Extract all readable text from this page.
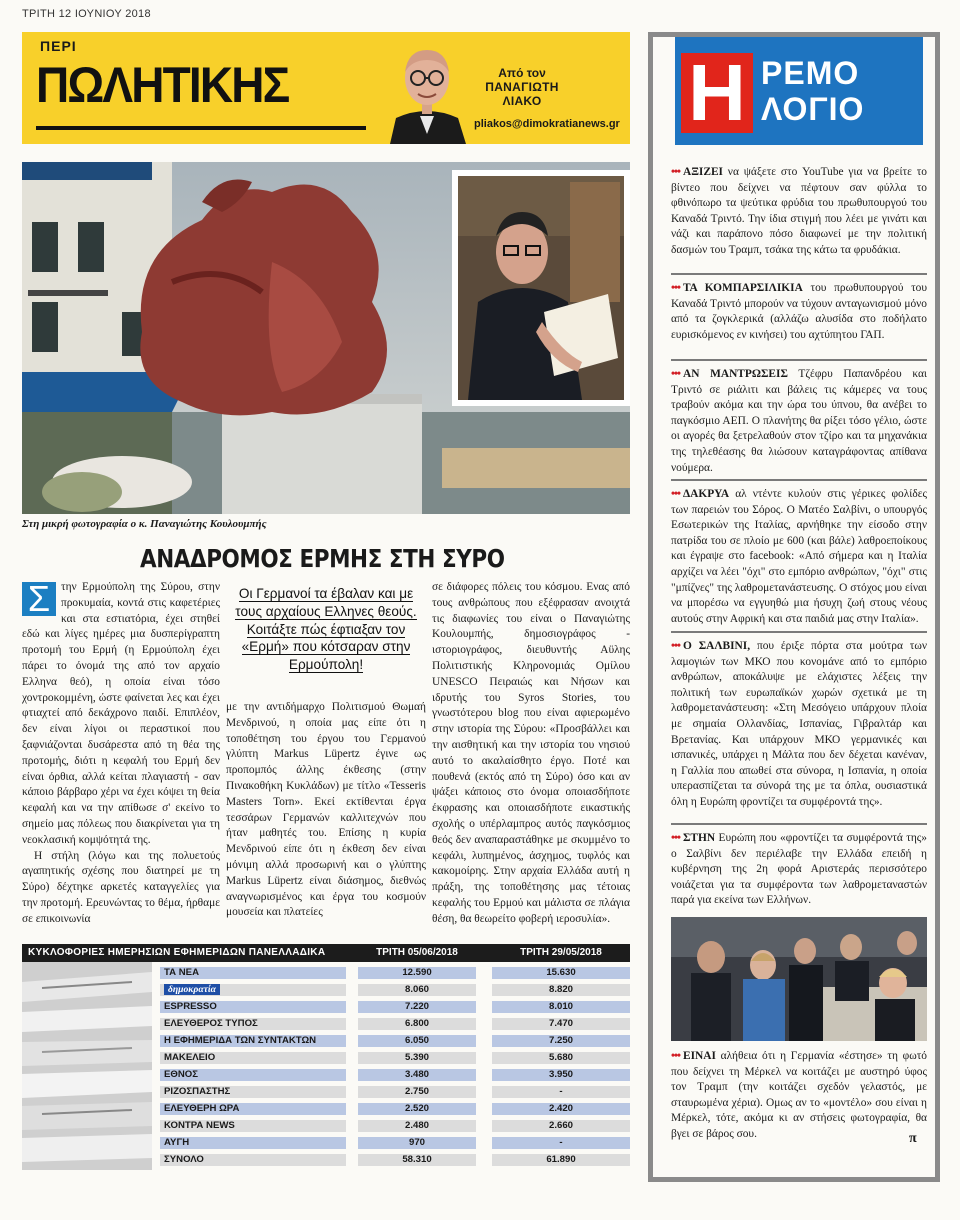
ΤΡΙΤΗ 12 ΙΟΥΝΙΟΥ 2018
ΠΕΡΙ
ΠΩΛΗΤΙΚΗΣ	Από τον
ΠΑΝΑΓΙΩΤΗ
ΛΙΑΚΟ
pliakos@dimokratianews.gr
Στη μικρή φωτογραφία ο κ. Παναγιώτης Κουλουμπής
ΑΝΑΔΡΟΜΟΣ ΕΡΜΗΣ ΣΤΗ ΣΥΡΟ

Σ την Ερμούπολη της Σύρου, στην προκυμαία, κοντά στις καφετέριες και στα εστιατόρια, έχει στηθεί εδώ και λίγες ημέρες μια δυσπερίγραπτη προτομή του Ερμή (η Ερμούπολη έχει πάρει το όνομά της από τον αρχαίο Ελληνα θεό), η οποία είναι τόσο χοντροκομμένη, ώστε φαίνεται λες και έχει φτιαχτεί από δεκάχρονο παιδί. Επιπλέον, δεν είναι λίγοι οι περαστικοί που ξαφνιάζονται δυσάρεστα από τη θέα της προτομής, διότι η κεφαλή του Ερμή δεν είναι όρθια, αλλά κείται πλαγιαστή - σαν κάποιο βάρβαρο χέρι να έχει κόψει τη θεία κεφαλή και να την απίθωσε σ' εκείνο το σημείο μας πόλεως που διακρίνεται για τη νεοκλασική κομψότητά της.

Η στήλη (λόγω και της πολυετούς αγαπητικής σχέσης που διατηρεί με τη Σύρο) δέχτηκε αρκετές καταγγελίες για την προτομή. Ερευνώντας το θέμα, ήρθαμε σε επικοινωνία

Οι Γερμανοί τα έβαλαν και με τους αρχαίους Ελληνες θεούς. Κοιτάξτε πώς έφτιαξαν τον «Ερμή» που κότσαραν στην Ερμούπολη!

με την αντιδήμαρχο Πολιτισμού Θωμαή Μενδρινού, η οποία μας είπε ότι η τοποθέτηση του έργου του Γερμανού γλύπτη Markus Lüpertz έγινε ως προπομπός άλλης έκθεσης (στην Πινακοθήκη Κυκλάδων) με τίτλο «Tesseris Masters Torn». Εκεί εκτίθενται έργα τεσσάρων Γερμανών καλλιτεχνών που ήταν μαθητές του. Επίσης η κυρία Μενδρινού είπε ότι η έκθεση δεν είναι μόνιμη αλλά προσωρινή και ο γλύπτης Markus Lüpertz είναι διάσημος, διεθνώς αναγνωρισμένος και έργα του κοσμούν μουσεία και πλατείες

σε διάφορες πόλεις του κόσμου. Ενας από τους ανθρώπους που εξέφρασαν ανοιχτά τις διαφωνίες του είναι ο Παναγιώτης Κουλουμπής, δημοσιογράφος - ιστοριογράφος, διευθυντής Αϋλης Πολιτιστικής Κληρονομιάς Ομίλου UNESCO Πειραιώς και Νήσων και ιδρυτής του Syros Stories, του γνωστότερου blog που είναι αφιερωμένο στην ιστορία της Σύρου: «Προσβάλλει και την αισθητική και την ιστορία του νησιού αυτό το ακαλαίσθητο έργο. Ποτέ και πουθενά (εκτός από τη Σύρο) όσο και αν ψάξει κάποιος στο όνομα οποιασδήποτε έκφρασης και οποιασδήποτε εικαστικής σχολής ο υπέρλαμπρος αυτός παγκόσμιος θεός δεν αναπαραστάθηκε με σκυμμένο το κεφάλι, λυπημένος, άσχημος, τυφλός και κακομοίρης. Στην αρχαία Ελλάδα αυτή η πράξη, της τοποθέτησης μας τέτοιας κεφαλής του Ερμού και μάλιστα σε πλάγια θέση, θα θεωρείτο φοβερή ιεροσυλία».

ΚΥΚΛΟΦΟΡΙΕΣ ΗΜΕΡΗΣΙΩΝ ΕΦΗΜΕΡΙΔΩΝ ΠΑΝΕΛΛΑΔΙΚΑ	ΤΡΙΤΗ 05/06/2018	ΤΡΙΤΗ 29/05/2018
ΤΑ ΝΕΑ	12.590	15.630
δημοκρατία	8.060	8.820
ESPRESSO	7.220	8.010
ΕΛΕΥΘΕΡΟΣ ΤΥΠΟΣ	6.800	7.470
Η ΕΦΗΜΕΡΙΔΑ ΤΩΝ ΣΥΝΤΑΚΤΩΝ	6.050	7.250
ΜΑΚΕΛΕΙΟ	5.390	5.680
ΕΘΝΟΣ	3.480	3.950
ΡΙΖΟΣΠΑΣΤΗΣ	2.750	-
ΕΛΕΥΘΕΡΗ ΩΡΑ	2.520	2.420
ΚΟΝΤΡΑ NEWS	2.480	2.660
ΑΥΓΗ	970	-
ΣΥΝΟΛΟ	58.310	61.890
Η ΡΕΜΟ
ΛΟΓΙΟ
••• ΑΞΙΖΕΙ να ψάξετε στο YouTube για να βρείτε το βίντεο που δείχνει να πέφτουν σαν φύλλα το φθινόπωρο τα ψεύτικα φρύδια του πρωθυπουργού του Καναδά Τριντό. Την ίδια στιγμή που λέει με γινάτι και νάζι και παράπονο πόσο διαφωνεί με την πολιτική δασμών του Τραμπ, τσάκα της κάτω τα φρυδάκια.
••• ΤΑ ΚΟΜΠΑΡΣΙΛΙΚΙΑ του πρωθυπουργού του Καναδά Τριντό μπορούν να τύχουν ανταγωνισμού μόνο από τα ζογκλερικά (αλλάζω αλυσίδα στο ποδήλατο ευρισκόμενος εν κινήσει) του αχτύπητου ΓΑΠ.
••• ΑΝ ΜΑΝΤΡΩΣΕΙΣ Τζέφρυ Παπανδρέου και Τριντό σε ριάλιτι και βάλεις τις κάμερες να τους τραβούν ακόμα και την ώρα του ύπνου, θα ανέβει το παγκόσμιο ΑΕΠ. Ο πλανήτης θα ρίξει τόσο γέλιο, ώστε οι αγορές θα ξετρελαθούν στον τζίρο και τα μηχανάκια της τηλεθέασης θα λιώσουν καταγράφοντας απίθανα νούμερα.
••• ΔΑΚΡΥΑ αλ ντέντε κυλούν στις γέρικες φολίδες των παρειών του Σόρος. Ο Ματέο Σαλβίνι, ο υπουργός Εσωτερικών της Ιταλίας, αρνήθηκε την είσοδο στην πατρίδα του σε πλοίο με 600 (και βάλε) λαθροεποίκους και έγραψε στο facebook: «Από σήμερα και η Ιταλία αρχίζει να λέει "όχι" στο εμπόριο ανθρώπων, "όχι" στις "μπίζνες" της λαθρομετανάστευσης. Ο στόχος μου είναι να μπορέσω να εγγυηθώ μια ήσυχη ζωή στους νέους αυτούς στην Αφρική και στα παιδιά μας στην Ιταλία».
••• Ο ΣΑΛΒΙΝΙ, που έριξε πόρτα στα μούτρα των λαμογιών των ΜΚΟ που κονομάνε από το εμπόριο ανθρώπων, αποκάλυψε με ελάχιστες λέξεις την πολιτική των ευρωπαϊκών χωρών σχετικά με τη λαθρομετανάστευση: «Στη Μεσόγειο υπάρχουν πλοία με σημαία Ολλανδίας, Ισπανίας, Γιβραλτάρ και Βρετανίας. Και υπάρχουν ΜΚΟ γερμανικές και ισπανικές, υπάρχει η Μάλτα που δεν δέχεται κανέναν, η Γαλλία που απωθεί στα σύνορα, η Ισπανία, η οποία υπερασπίζεται τα σύνορά της με τα όπλα, ουσιαστικά όλη η Ευρώπη φροντίζει τα συμφέροντά της».
••• ΣΤΗΝ Ευρώπη που «φροντίζει τα συμφέροντά της» ο Σαλβίνι δεν περιέλαβε την Ελλάδα επειδή η κυβέρνηση της 2η φορά Αριστεράς περισσότερο νοιάζεται για τα συμφέροντα των λαθρομεταναστών παρά για εκείνα των Ελλήνων.
••• ΕΙΝΑΙ αλήθεια ότι η Γερμανία «έστησε» τη φωτό που δείχνει τη Μέρκελ να κοιτάζει με αυστηρό ύφος τον Τραμπ (την κοιτάζει σχεδόν γελαστός, με σταυρωμένα χέρια). Ομως αν το «μοντέλο» σου είναι η Μέρκελ, τότε, ακόμα κι αν στήσεις φωτογραφία, θα βγει σε βάρος σου.	π
